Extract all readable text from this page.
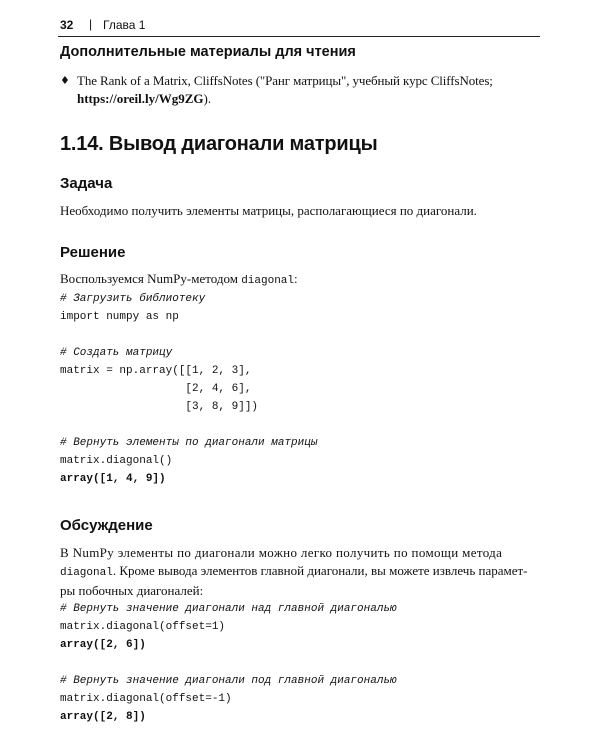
32 | Глава 1
Дополнительные материалы для чтения
♦ The Rank of a Matrix, CliffsNotes ("Ранг матрицы", учебный курс CliffsNotes;
https://oreil.ly/Wg9ZG).
1.14. Вывод диагонали матрицы
Задача
Необходимо получить элементы матрицы, располагающиеся по диагонали.
Решение
Воспользуемся NumPy-методом diagonal:
# Загрузить библиотеку
import numpy as np
# Создать матрицу
matrix = np.array([[1, 2, 3],
[2, 4, 6],
[3, 8, 9]])
# Вернуть элементы по диагонали матрицы
matrix.diagonal()
array([1, 4, 9])
Обсуждение
В NumPy элементы по диагонали можно легко получить по помощи метода
diagonal. Кроме вывода элементов главной диагонали, вы можете извлечь парамет-
ры побочных диагоналей:
# Вернуть значение диагонали над главной диагональю
matrix.diagonal(offset=1)
array([2, 6])
# Вернуть значение диагонали под главной диагональю
matrix.diagonal(offset=-1)
array([2, 8])
